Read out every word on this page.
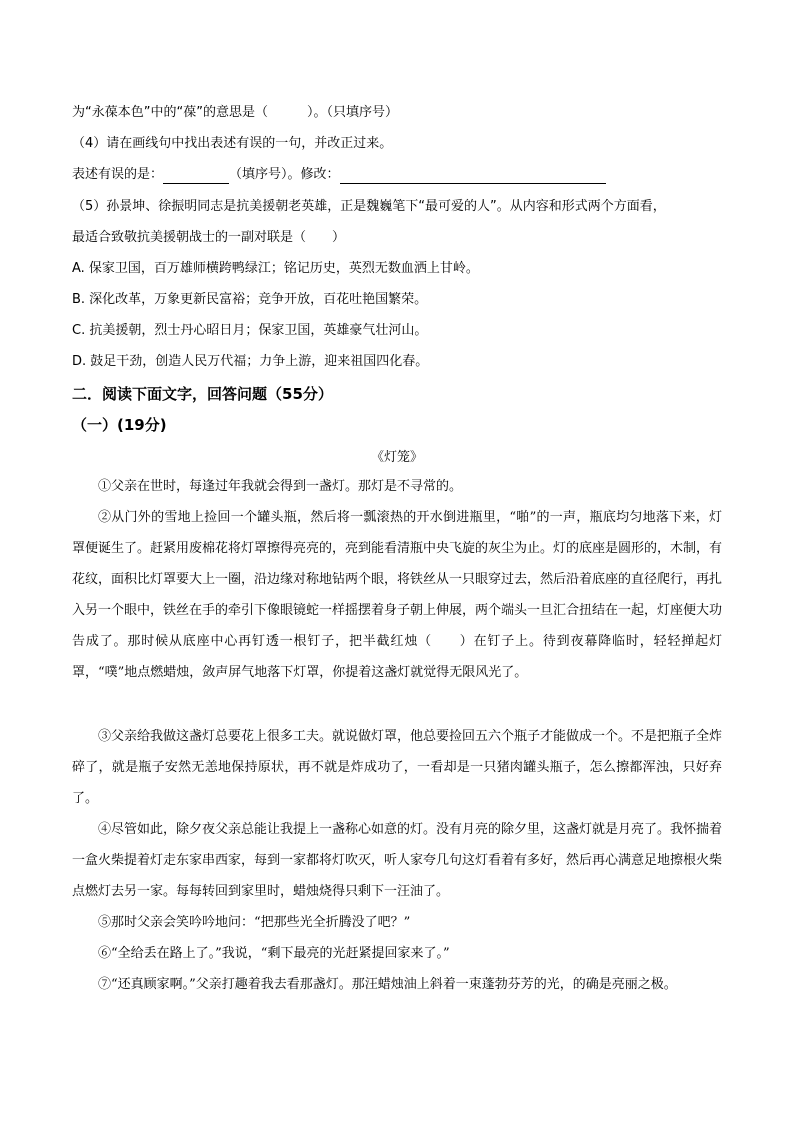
为“永葆本色”中的“葆”的意思是（　　　）。（只填序号）
（4）请在画线句中找出表述有误的一句，并改正过来。
表述有误的是：	（填序号）。修改：
（5）孙景坤、徐振明同志是抗美援朝老英雄，正是魏巍笔下“最可爱的人”。从内容和形式两个方面看，
最适合致敬抗美援朝战士的一副对联是（　　）
A. 保家卫国，百万雄师横跨鸭绿江；铭记历史，英烈无数血洒上甘岭。
B. 深化改革，万象更新民富裕；竞争开放，百花吐艳国繁荣。
C. 抗美援朝，烈士丹心昭日月；保家卫国，英雄豪气壮河山。
D. 鼓足干劲，创造人民万代福；力争上游，迎来祖国四化春。
二．阅读下面文字，回答问题（55分）
（一）(19分)
《灯笼》
①父亲在世时，每逢过年我就会得到一盏灯。那灯是不寻常的。
②从门外的雪地上捡回一个罐头瓶，然后将一瓢滚热的开水倒进瓶里，“啪”的一声，瓶底均匀地落下来，灯罩便诞生了。赶紧用废棉花将灯罩擦得亮亮的，亮到能看清瓶中央飞旋的灰尘为止。灯的底座是圆形的，木制，有花纹，面积比灯罩要大上一圈，沿边缘对称地钻两个眼，将铁丝从一只眼穿过去，然后沿着底座的直径爬行，再扎入另一个眼中，铁丝在手的牵引下像眼镜蛇一样摇摆着身子朝上伸展，两个端头一旦汇合扭结在一起，灯座便大功告成了。那时候从底座中心再钉透一根钉子，把半截红烛（　　）在钉子上。待到夜幕降临时，轻轻掸起灯罩，“噗”地点燃蜡烛，敛声屏气地落下灯罩，你提着这盏灯就觉得无限风光了。
③父亲给我做这盏灯总要花上很多工夫。就说做灯罩，他总要捡回五六个瓶子才能做成一个。不是把瓶子全炸碎了，就是瓶子安然无恙地保持原状，再不就是炸成功了，一看却是一只猪肉罐头瓶子，怎么擦都浑浊，只好弃了。
④尽管如此，除夕夜父亲总能让我提上一盏称心如意的灯。没有月亮的除夕里，这盏灯就是月亮了。我怀揣着一盒火柴提着灯走东家串西家，每到一家都将灯吹灭，听人家夸几句这灯看着有多好，然后再心满意足地擦根火柴点燃灯去另一家。每每转回到家里时，蜡烛烧得只剩下一汪油了。
⑤那时父亲会笑吟吟地问：“把那些光全折腾没了吧？”
⑥“全给丢在路上了。”我说，“剩下最亮的光赶紧提回家来了。”
⑦“还真顾家啊。”父亲打趣着我去看那盏灯。那汪蜡烛油上斜着一束蓬勃芬芳的光，的确是亮丽之极。
